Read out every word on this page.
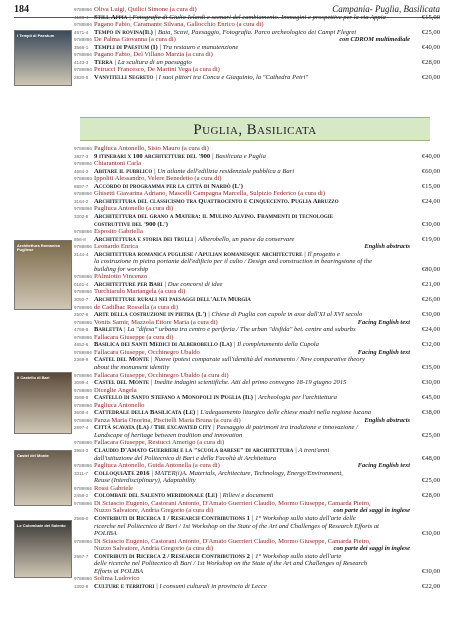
184	Campania- Puglia, Basilicata
I Templi di Paestum
Architettura Romanica Pugliese
Il Castello di Bari
Castel del Monte
Le Colombaie del Salento
Puglia, Basilicata
9788866 Oliva Luigi, Quilici Simone (a cura di)
4108-4 Still Appia | Fotografie di Giulio Ielardi e scenari del cambiamento. Immagini e prospettive per la via Appia	€15,00
9788866 Pagano Fabio, Caramante Silvana, Gallocchio Enrico (a cura di)
4571-4 Tempo in rovina(Il) | Baia, Scavi, Paesaggio, Fotografia. Parco archeologico dei Campi Flegrei	€25,00
9788866 De Palma Giovanna (a cura di)	con CDROM multimediale
3566-1 Templi di Paestum (I) | Tra restauro e manutenzione	€40,00
9788866 Pagano Fabio, Del Villano Marzia (a cura di)
4143-3 Terra | La scultura di un paesaggio	€28,00
9788866 Petrucci Francesco, De Martini Vega (a cura di)
2820-5 Vanvitelli Segreto | I suoi pittori tra Conca e Giaquinto, la "Cathedra Petri"	€20,00
9788866 Pagliuca Antonello, Sisto Mauro (a cura di)
3827-3 9 itinerari x 100 architetture del '900 | Basilicata e Puglia	€40,00
9788866 Chiarantoni Carla
4664-3 Abitare il pubblico | Un atlante dell'edilizia residenziale pubblica a Bari	€60,00
9788866 Ippoliti Alessandro, Velere Benedetto (a cura di)
8697-7 Accordo di programma per la città di Nardò (L')	€15,00
9788866 Ghisetti Giavarina Adriano, Mascelli Campagna Marcella, Sulpizio Federico (a cura di)
3164-2 Architettura del classicismo tra Quattrocento e Cinquecento. Puglia Abruzzo	€24,00
9788866 Pagliuca Antonello (a cura di)
3302-8 Architettura del grano a Matera: il Mulino Alvino. Frammenti di tecnologie
costruttive del '900 (L')	€30,00
9788866 Esposito Gabriella
856-8	Architettura e storia dei trulli | Alberobello, un paese da conservare	€19,00
9788866 Leonardo Enrica	English abstracts
3144-4 Architettura romanica pugliese / Apulian romanesque architecture | Il progetto e
la costruzione in pietra portante dell'edificio per il culto / Design and construction in bearingstone of the
building for worship	€80,00
9788866 PAlmiotto Vincenzo
0161-4 Architetture per Bari | Due concorsi di idee	€21,00
9788866 Turchiarulo Mariangela (a cura di)
3050-7 Architetture rurali nei paesaggi dell'Alta Murgia	€26,00
9788866 de Cadilhac Rossella (a cura di)
2507-6 Arte della costruzione in pietra (L') | Chiese di Puglia con cupole in asse dall'XI al XVI secolo	€30,00
9788866 Vonits Samir, Mazzola Ettore Maria (a cura di)	Facing English text
4758-8 Barletta | La "difesa" urbana tra centro e periferia / The urban "disfida" bet. centre and suburbs	€24,00
9788866 Fallacara Giuseppe (a cura di)
4652-6 Basilica dei Santi Medici di Alberobello (La) | Il completamento della Cupola	€32,00
9788866 Fallacara Giuseppe, Occhinegro Ubaldo	Facing English text
2369-9 Castel del Monte | Nuove ipotesi comparate sull'identità del monumento / New comparative theory
about the monument identity	€35,00
9788866 Fallacara Giuseppe, Occhinegro Ubaldo (a cura di)
3099-4 Castel del Monte | Inedite indagini scientifiche. Atti del primo convegno 18-19 giugno 2015	€30,00
9788866 Diceglie Angela
3598-9 Castello di Santo Stefano a Monopoli in Puglia (Il) | Archeologia per l'architettura	€45,00
9788866 Pagliuca Antonello
3608-4 Cattedrale della Basilicata (Le) | L'adeguamento liturgico delle chiese madri nella regione lucana	€38,00
9788866 Panza Maria Onorina, Piscitelli Maria Bruna (a cura di)	English abstracts
2897-4 Città scavata (La) / The excavated city | Paesaggio di patrimoni tra tradizione e innovazione /
Landscape of heritage between tradition and innovation	€25,00
9788866 Fallacara Giuseppe, Restucci Amerigo (a cura di)
3984-3 Claudio D'Amato Guerrieri e la "scuola barese" di architettura | A trent'anni
dall'istituzione del Politecnico di Bari e della Facoltà di Architettura	€48,00
9788866 Pagliuca Antonello, Guida Antonella (a cura di)	Facing English text
3311-7 ColloquiATe 2016 | MATER(i)A. Materials, Architecture, Technology, Energy/Environment,
Reuse (Interdisciplinary), Adaptability	€25,00
9788866 Rossi Gabriele
2458-2 Colombaie del Salento meridionale (Le) | Rilievi e documenti	€28,00
9788866 Di Sciascio Eugenio, Castorani Antonio, D'Amato Guerrieri Claudio, Mormo Giuseppe, Camarda Pietro,
Nuzzo Salvatore, Andria Gregorio (a cura di)	con parte dei saggi in inglese
2966-0 Contributi di Ricerca 1 / Research Contributions 1 | 1° Workshop sullo stato dell'arte delle
ricerche nel Politecnico di Bari / 1st Workshop on the State of the Art and Challenges of Research Efforts at
POLIBA	€30,00
9788866 Di Sciascio Eugenio, Castorani Antonio, D'Amato Guerrieri Claudio, Mormo Giuseppe, Camarda Pietro,
Nuzzo Salvatore, Andria Gregorio (a cura di)	con parte dei saggi in inglese
2967-7 Contributi di Ricerca 2 / Research Contributions 2 | 1° Workshop sullo stato dell'arte
delle ricerche nel Politecnico di Bari / 1st Workshop on the State of the Art and Challenges of Research
Efforts at POLIBA	€30,00
9788866 Solima Ludovico
1392-8 Culture e territori | I consumi culturali in provincia di Lecce	€22,00
